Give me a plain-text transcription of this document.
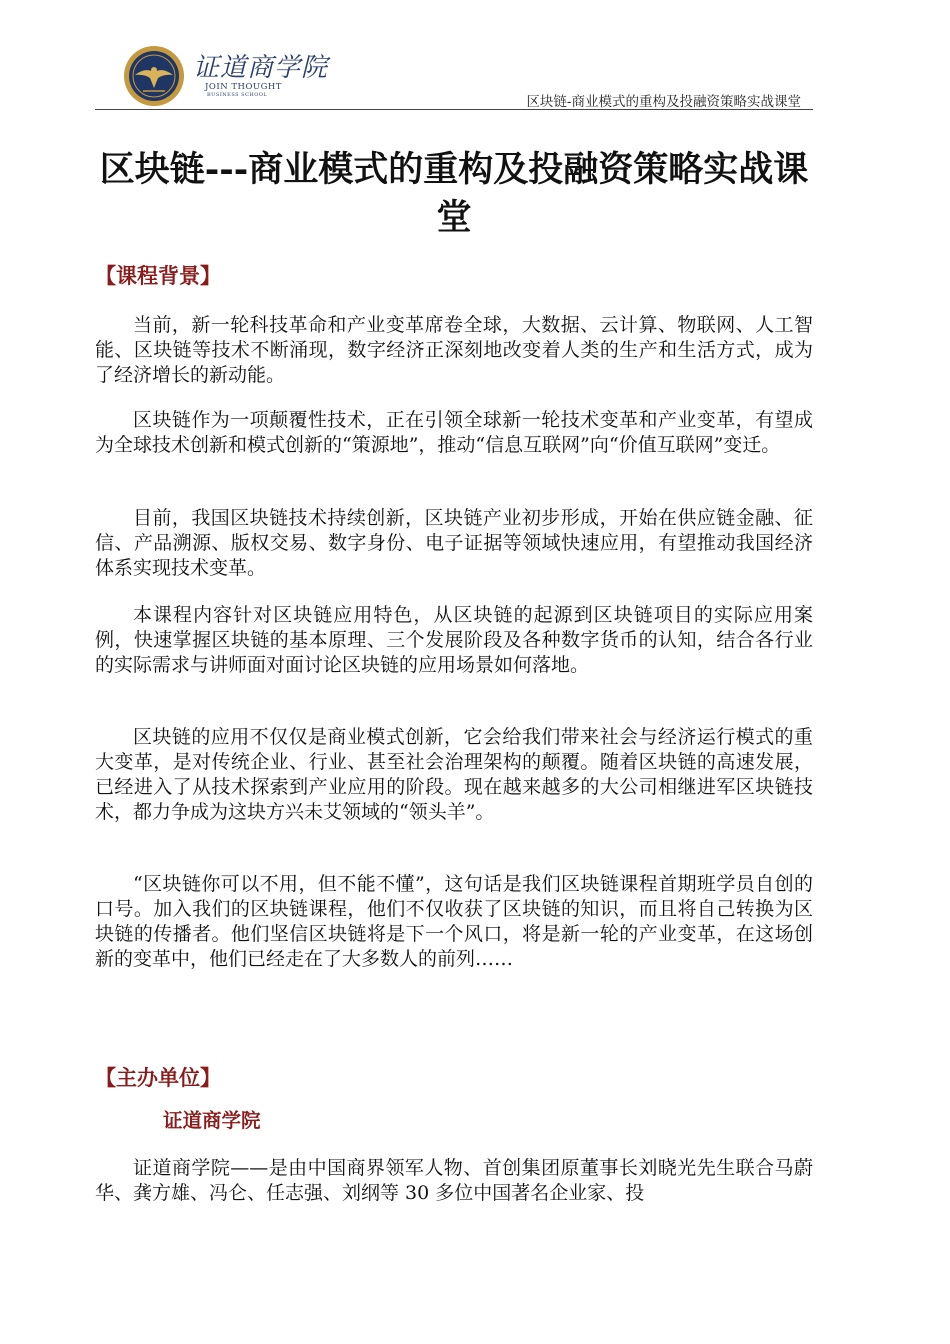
证道商学院
JOIN THOUGHT
BUSINESS SCHOOL	区块链-商业模式的重构及投融资策略实战课堂
区块链---商业模式的重构及投融资策略实战课堂
【课程背景】

当前，新一轮科技革命和产业变革席卷全球，大数据、云计算、物联网、人工智能、区块链等技术不断涌现，数字经济正深刻地改变着人类的生产和生活方式，成为了经济增长的新动能。

区块链作为一项颠覆性技术，正在引领全球新一轮技术变革和产业变革，有望成为全球技术创新和模式创新的“策源地”，推动“信息互联网”向“价值互联网”变迁。

目前，我国区块链技术持续创新，区块链产业初步形成，开始在供应链金融、征信、产品溯源、版权交易、数字身份、电子证据等领域快速应用，有望推动我国经济体系实现技术变革。

本课程内容针对区块链应用特色，从区块链的起源到区块链项目的实际应用案例，快速掌握区块链的基本原理、三个发展阶段及各种数字货币的认知，结合各行业的实际需求与讲师面对面讨论区块链的应用场景如何落地。

区块链的应用不仅仅是商业模式创新，它会给我们带来社会与经济运行模式的重大变革，是对传统企业、行业、甚至社会治理架构的颠覆。随着区块链的高速发展，已经进入了从技术探索到产业应用的阶段。现在越来越多的大公司相继进军区块链技术，都力争成为这块方兴未艾领域的“领头羊”。

“区块链你可以不用，但不能不懂”，这句话是我们区块链课程首期班学员自创的口号。加入我们的区块链课程，他们不仅收获了区块链的知识，而且将自己转换为区块链的传播者。他们坚信区块链将是下一个风口，将是新一轮的产业变革，在这场创新的变革中，他们已经走在了大多数人的前列……

【主办单位】
证道商学院

证道商学院——是由中国商界领军人物、首创集团原董事长刘晓光先生联合马蔚华、龚方雄、冯仑、任志强、刘纲等 30 多位中国著名企业家、投
